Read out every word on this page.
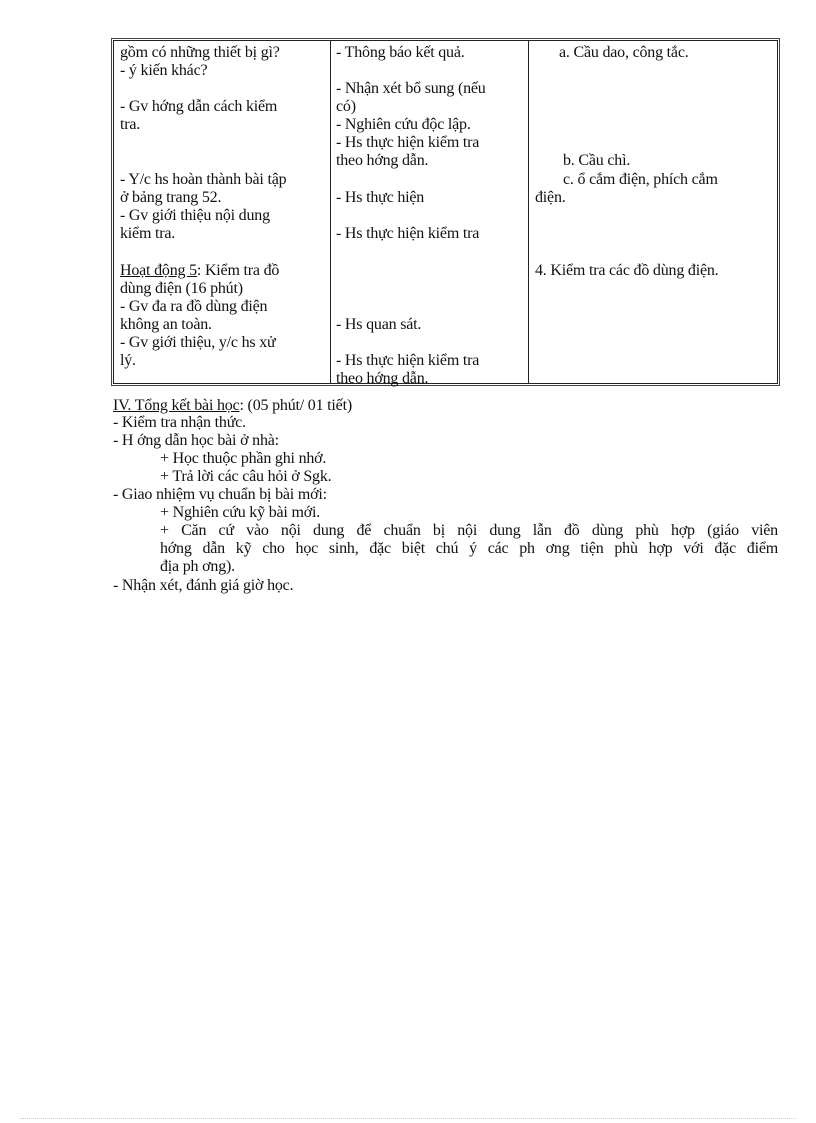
gồm có những thiết bị gì?
- ý kiến khác?
- Gv hớng dẫn cách kiểm
tra.
- Y/c hs hoàn thành bài tập
ở bảng trang 52.
- Gv giới thiệu nội dung
kiểm tra.
Hoạt động 5: Kiểm tra đồ
dùng điện (16 phút)
- Gv đa ra đồ dùng điện
không an toàn.
- Gv giới thiệu, y/c hs xử
lý.
- Thông báo kết quả.
- Nhận xét bổ sung (nếu
có)
- Nghiên cứu độc lập.
- Hs thực hiện kiểm tra
theo hớng dẫn.
- Hs thực hiện
- Hs thực hiện kiểm tra
- Hs quan sát.
- Hs thực hiện kiểm tra
theo hớng dẫn.
a. Cầu dao, công tắc.
b. Cầu chì.
c. ổ cắm điện, phích cắm
điện.
4. Kiểm tra các đồ dùng điện.
IV. Tổng kết bài học: (05 phút/ 01 tiết)
- Kiểm tra nhận thức.
- H ớng dẫn học bài ở nhà:
+ Học thuộc phần ghi nhớ.
+ Trả lời các câu hỏi ở Sgk.
- Giao nhiệm vụ chuẩn bị bài mới:
+ Nghiên cứu kỹ bài mới.
+ Căn cứ vào nội dung để chuẩn bị nội dung lẫn đồ dùng phù hợp (giáo viên
hớng dẫn kỹ cho học sinh, đặc biệt chú ý các ph ơng tiện phù hợp với đặc điểm
địa ph ơng).
- Nhận xét, đánh giá giờ học.
